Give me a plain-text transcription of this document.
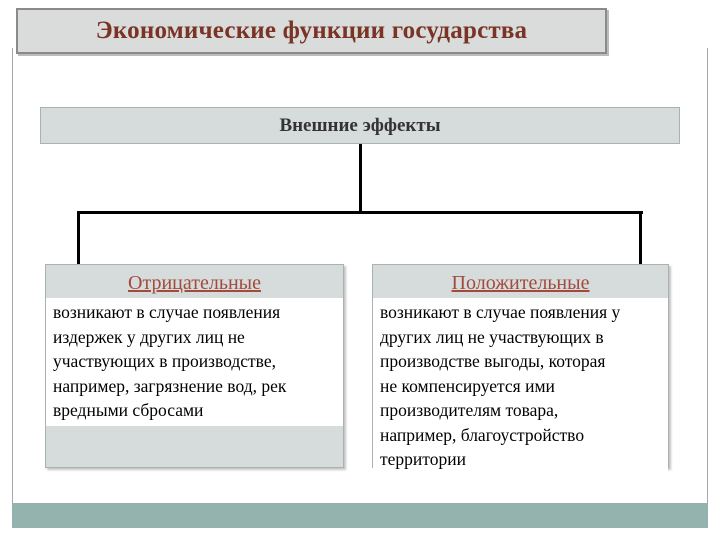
Экономические функции государства
Внешние эффекты
Отрицательные
возникают в случае появления
издержек у других лиц не
участвующих в производстве,
например, загрязнение вод, рек
вредными сбросами
Положительные
возникают в случае появления у
других лиц не участвующих в
производстве выгоды, которая
не компенсируется ими
производителям товара,
например, благоустройство
территории
